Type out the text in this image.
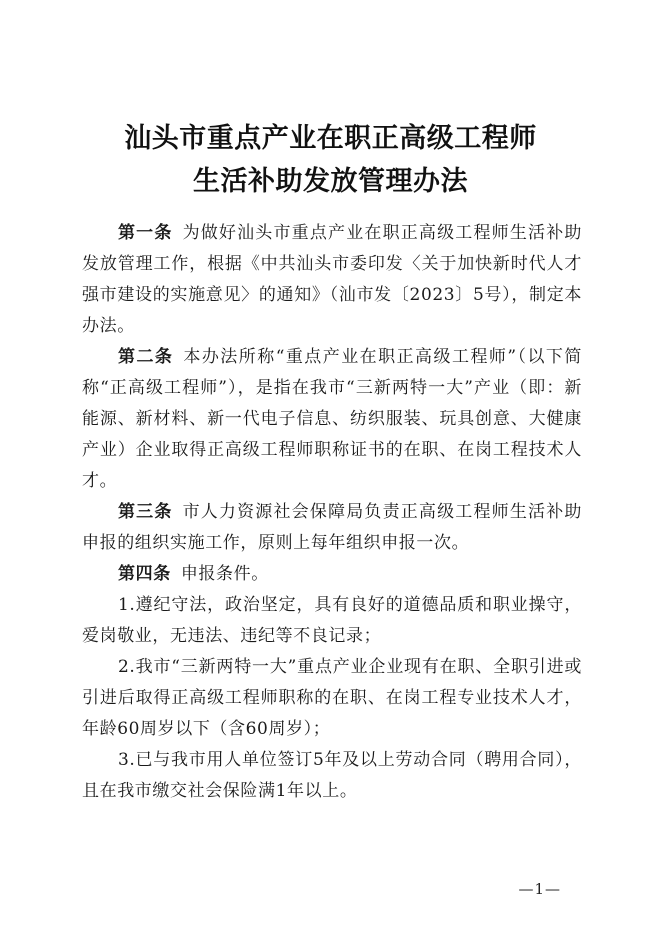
汕头市重点产业在职正高级工程师
生活补助发放管理办法

第一条 为做好汕头市重点产业在职正高级工程师生活补助发放管理工作，根据《中共汕头市委印发〈关于加快新时代人才强市建设的实施意见〉的通知》（汕市发〔2023〕5号），制定本办法。

第二条 本办法所称“重点产业在职正高级工程师”（以下简称“正高级工程师”），是指在我市“三新两特一大”产业（即：新能源、新材料、新一代电子信息、纺织服装、玩具创意、大健康产业）企业取得正高级工程师职称证书的在职、在岗工程技术人才。

第三条 市人力资源社会保障局负责正高级工程师生活补助申报的组织实施工作，原则上每年组织申报一次。

第四条 申报条件。

1.遵纪守法，政治坚定，具有良好的道德品质和职业操守，爱岗敬业，无违法、违纪等不良记录；

2.我市“三新两特一大”重点产业企业现有在职、全职引进或引进后取得正高级工程师职称的在职、在岗工程专业技术人才，年龄60周岁以下（含60周岁）；

3.已与我市用人单位签订5年及以上劳动合同（聘用合同），且在我市缴交社会保险满1年以上。

—1—
